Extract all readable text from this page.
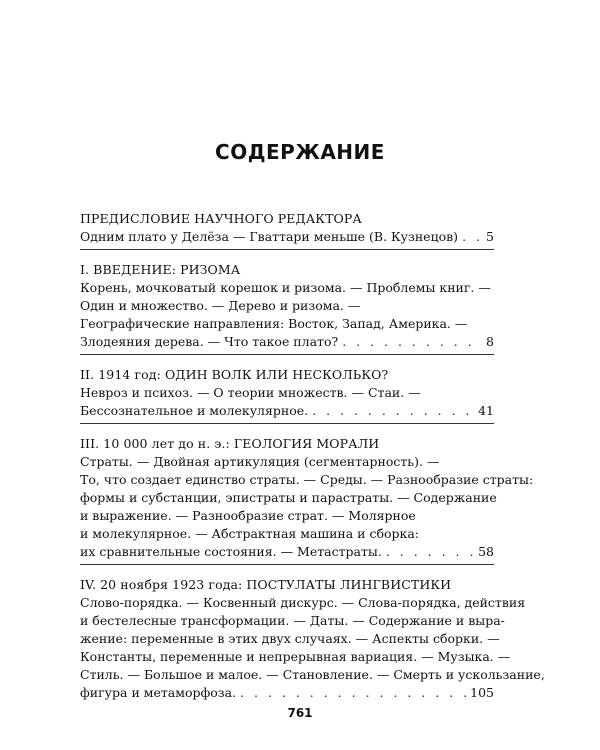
СОДЕРЖАНИЕ
ПРЕДИСЛОВИЕ НАУЧНОГО РЕДАКТОРА
Одним плато у Делёза — Гваттари меньше (В. Кузнецов) . . . 5
I. ВВЕДЕНИЕ: РИЗОМА
Корень, мочковатый корешок и ризома. — Проблемы книг. —
Один и множество. — Дерево и ризома. —
Географические направления: Восток, Запад, Америка. —
Злодеяния дерева. — Что такое плато? . . .	8
II. 1914 год: ОДИН ВОЛК ИЛИ НЕСКОЛЬКО?
Невроз и психоз. — О теории множеств. — Стаи. —
Бессознательное и молекулярное. . . .	41
III. 10 000 лет до н. э.: ГЕОЛОГИЯ МОРАЛИ
Страты. — Двойная артикуляция (сегментарность). —
То, что создает единство страты. — Среды. — Разнообразие страты:
формы и субстанции, эпистраты и парастраты. — Содержание
и выражение. — Разнообразие страт. — Молярное
и молекулярное. — Абстрактная машина и сборка:
их сравнительные состояния. — Метастраты. . . .	58
IV. 20 ноября 1923 года: ПОСТУЛАТЫ ЛИНГВИСТИКИ
Слово-порядка. — Косвенный дискурс. — Слова-порядка, действия
и бестелесные трансформации. — Даты. — Содержание и выра-
жение: переменные в этих двух случаях. — Аспекты сборки. —
Константы, переменные и непрерывная вариация. — Музыка. —
Стиль. — Большое и малое. — Становление. — Смерть и ускользание,
фигура и метаморфоза. . . .	105
761
